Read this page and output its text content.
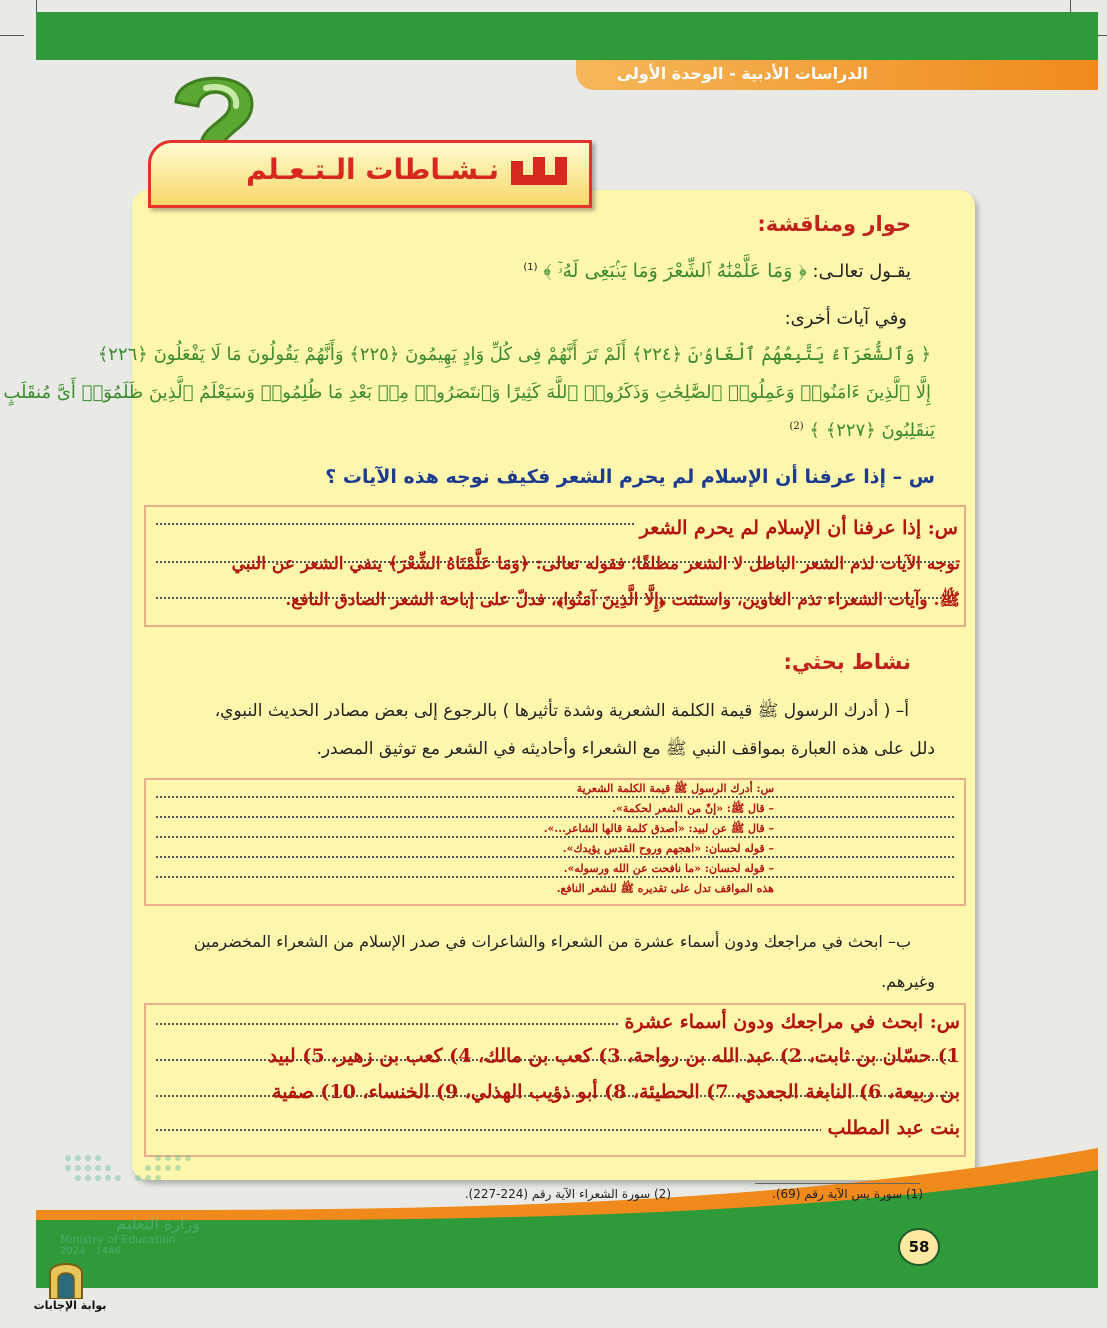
الدراسات الأدبية - الوحدة الأولى
نـشـاطات الـتـعـلم
حوار ومناقشة:
يقـول تعالـى: ﴿ وَمَا عَلَّمْنَٰهُ ٱلشِّعْرَ وَمَا يَنۢبَغِى لَهُۥٓ ﴾ $^{(1)}$
وفي آيات أخرى:
﴿ وَٱلشُّعَرَآءُ يَتَّبِعُهُمُ ٱلْغَاوُۥنَ ﴿٢٢٤﴾ أَلَمْ تَرَ أَنَّهُمْ فِى كُلِّ وَادٍ يَهِيمُونَ ﴿٢٢٥﴾ وَأَنَّهُمْ يَقُولُونَ مَا لَا يَفْعَلُونَ ﴿٢٢٦﴾
إِلَّا ٱلَّذِينَ ءَامَنُوا۟ وَعَمِلُوا۟ ٱلصَّٰلِحَٰتِ وَذَكَرُوا۟ ٱللَّهَ كَثِيرًا وَٱنتَصَرُوا۟ مِنۢ بَعْدِ مَا ظُلِمُوا۟ وَسَيَعْلَمُ ٱلَّذِينَ ظَلَمُوٓا۟ أَىَّ مُنقَلَبٍ
يَنقَلِبُونَ ﴿٢٢٧﴾ ﴾ $^{(2)}$
س – إذا عرفنا أن الإسلام لم يحرم الشعر فكيف نوجه هذه الآيات ؟
س: إذا عرفنا أن الإسلام لم يحرم الشعر
توجه الآيات لذم الشعر الباطل لا الشعر مطلقًا؛ فقوله تعالى: ﴿وَمَا عَلَّمْنَاهُ الشِّعْرَ﴾ ينفي الشعر عن النبي
ﷺ. وآيات الشعراء تذم الغاوين، واستثنت ﴿إِلَّا الَّذِينَ آمَنُوا﴾، فدلّ على إباحة الشعر الصادق النافع.
نشاط بحثي:
أ– ( أدرك الرسول ﷺ قيمة الكلمة الشعرية وشدة تأثيرها ) بالرجوع إلى بعض مصادر الحديث النبوي،
دلل على هذه العبارة بمواقف النبي ﷺ مع الشعراء وأحاديثه في الشعر مع توثيق المصدر.
س: أدرك الرسول ﷺ قيمة الكلمة الشعرية
– قال ﷺ: «إنّ من الشعر لحكمة».
– قال ﷺ عن لبيد: «أصدق كلمة قالها الشاعر...».
– قوله لحسان: «اهجهم وروح القدس يؤيدك».
– قوله لحسان: «ما نافحت عن الله ورسوله».
هذه المواقف تدل على تقديره ﷺ للشعر النافع.
ب– ابحث في مراجعك ودون أسماء عشرة من الشعراء والشاعرات في صدر الإسلام من الشعراء المخضرمين
وغيرهم.
س: ابحث في مراجعك ودون أسماء عشرة
1) حسّان بن ثابت، 2) عبد الله بن رواحة، 3) كعب بن مالك، 4) كعب بن زهير، 5) لبيد
بن ربيعة، 6) النابغة الجعدي، 7) الحطيئة، 8) أبو ذؤيب الهذلي، 9) الخنساء، 10) صفية
بنت عبد المطلب
(1) سورة يس الآية رقم (69).
(2) سورة الشعراء الآية رقم (224-227).
58
وزارة التعليم
Ministry of Education
2024 - 1446
بوابة الإجابات
